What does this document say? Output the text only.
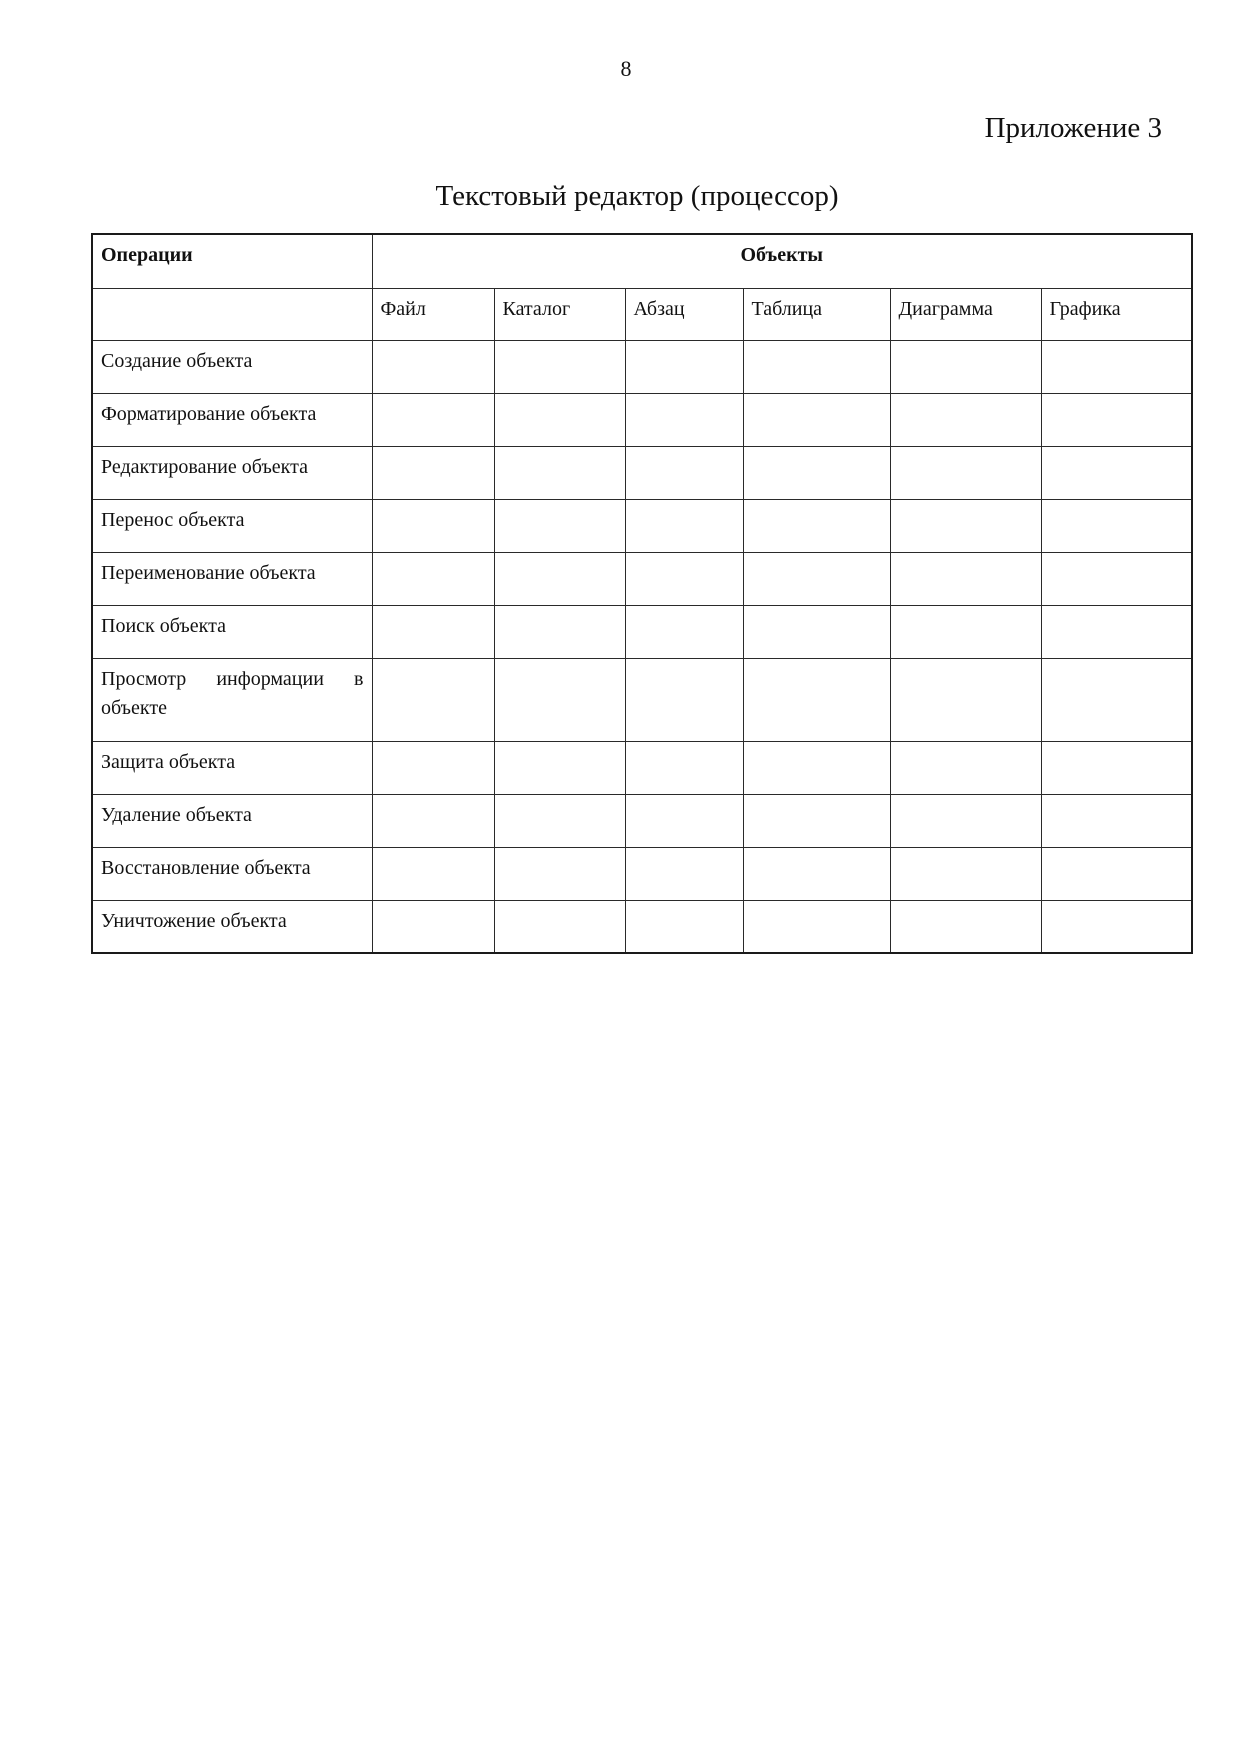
8
Приложение 3
Текстовый редактор (процессор)
Операции	Объекты					
	Файл	Каталог	Абзац	Таблица	Диаграмма	Графика
Создание объекта						
Форматирование объекта						
Редактирование объекта						
Перенос объекта						
Переименование объекта						
Поиск объекта						
Просмотр информации в объекте						
Защита объекта						
Удаление объекта						
Восстановление объекта						
Уничтожение объекта						
